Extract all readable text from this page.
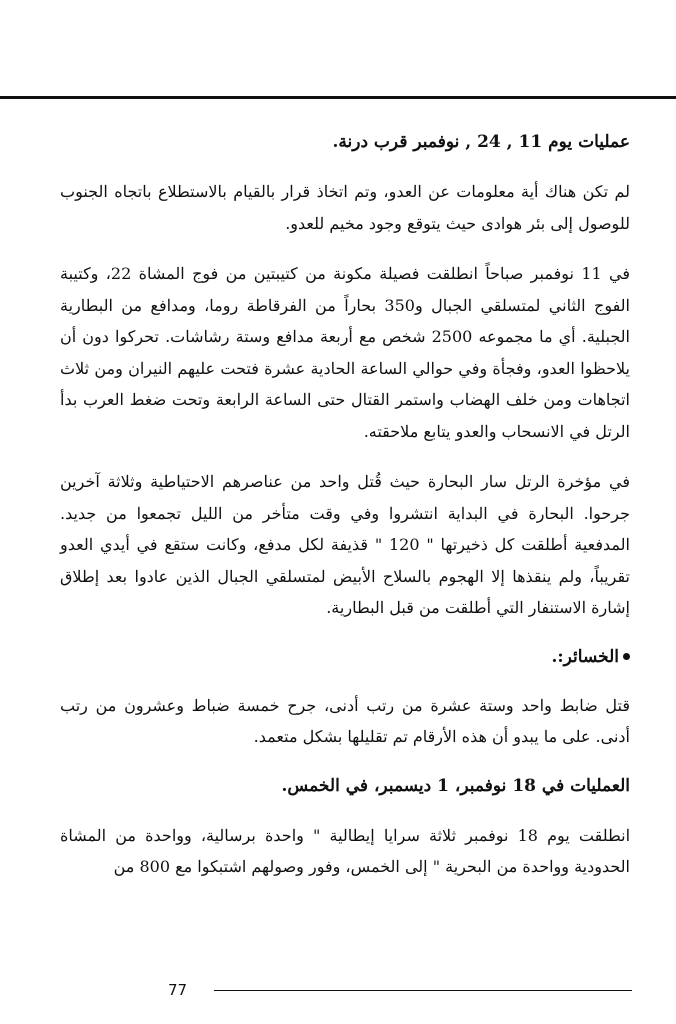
عمليات يوم 11 , 24 , نوفمبر قرب درنة.

لم تكن هناك أية معلومات عن العدو، وتم اتخاذ قرار بالقيام بالاستطلاع باتجاه الجنوب للوصول إلى بئر هوادى حيث يتوقع وجود مخيم للعدو.

في 11 نوفمبر صباحاً انطلقت فصيلة مكونة من كتيبتين من فوج المشاة 22، وكتيبة الفوج الثاني لمتسلقي الجبال و350 بحاراً من الفرقاطة روما، ومدافع من البطارية الجبلية. أي ما مجموعه 2500 شخص مع أربعة مدافع وستة رشاشات. تحركوا دون أن يلاحظوا العدو، وفجأة وفي حوالي الساعة الحادية عشرة فتحت عليهم النيران ومن ثلاث اتجاهات ومن خلف الهضاب واستمر القتال حتى الساعة الرابعة وتحت ضغط العرب بدأ الرتل في الانسحاب والعدو يتابع ملاحقته.

في مؤخرة الرتل سار البحارة حيث قُتل واحد من عناصرهم الاحتياطية وثلاثة آخرين جرحوا. البحارة في البداية انتشروا وفي وقت متأخر من الليل تجمعوا من جديد. المدفعية أطلقت كل ذخيرتها " 120 " قذيفة لكل مدفع، وكانت ستقع في أيدي العدو تقريباً، ولم ينقذها إلا الهجوم بالسلاح الأبيض لمتسلقي الجبال الذين عادوا بعد إطلاق إشارة الاستنفار التي أطلقت من قبل البطارية.

الخسائر:.

قتل ضابط واحد وستة عشرة من رتب أدنى، جرح خمسة ضباط وعشرون من رتب أدنى. على ما يبدو أن هذه الأرقام تم تقليلها بشكل متعمد.

العمليات في 18 نوفمبر، 1 ديسمبر، في الخمس.

انطلقت يوم 18 نوفمبر ثلاثة سرايا إيطالية " واحدة برسالية، وواحدة من المشاة الحدودية وواحدة من البحرية " إلى الخمس، وفور وصولهم اشتبكوا مع 800 من

77
